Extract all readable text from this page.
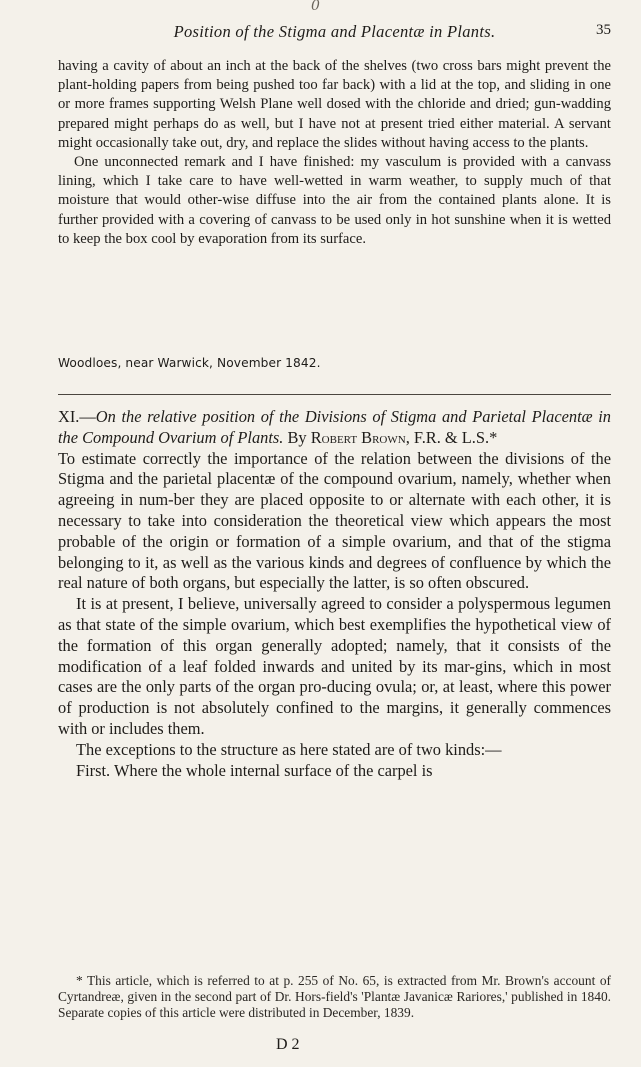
0
Position of the Stigma and Placentæ in Plants.	35

having a cavity of about an inch at the back of the shelves (two cross bars might prevent the plant-holding papers from being pushed too far back) with a lid at the top, and sliding in one or more frames supporting Welsh Plane well dosed with the chloride and dried; gun-wadding prepared might perhaps do as well, but I have not at present tried either material. A servant might occasionally take out, dry, and replace the slides without having access to the plants.

One unconnected remark and I have finished: my vasculum is provided with a canvass lining, which I take care to have well-wetted in warm weather, to supply much of that moisture that would other-wise diffuse into the air from the contained plants alone. It is further provided with a covering of canvass to be used only in hot sunshine when it is wetted to keep the box cool by evaporation from its surface.

Woodloes, near Warwick, November 1842.

XI.—On the relative position of the Divisions of Stigma and Parietal Placentæ in the Compound Ovarium of Plants. By Robert Brown, F.R. & L.S.*

To estimate correctly the importance of the relation between the divisions of the Stigma and the parietal placentæ of the compound ovarium, namely, whether when agreeing in num-ber they are placed opposite to or alternate with each other, it is necessary to take into consideration the theoretical view which appears the most probable of the origin or formation of a simple ovarium, and that of the stigma belonging to it, as well as the various kinds and degrees of confluence by which the real nature of both organs, but especially the latter, is so often obscured.

It is at present, I believe, universally agreed to consider a polyspermous legumen as that state of the simple ovarium, which best exemplifies the hypothetical view of the formation of this organ generally adopted; namely, that it consists of the modification of a leaf folded inwards and united by its mar-gins, which in most cases are the only parts of the organ pro-ducing ovula; or, at least, where this power of production is not absolutely confined to the margins, it generally commences with or includes them.

The exceptions to the structure as here stated are of two kinds:—

First. Where the whole internal surface of the carpel is

* This article, which is referred to at p. 255 of No. 65, is extracted from Mr. Brown's account of Cyrtandreæ, given in the second part of Dr. Hors-field's 'Plantæ Javanicæ Rariores,' published in 1840. Separate copies of this article were distributed in December, 1839.

D 2
